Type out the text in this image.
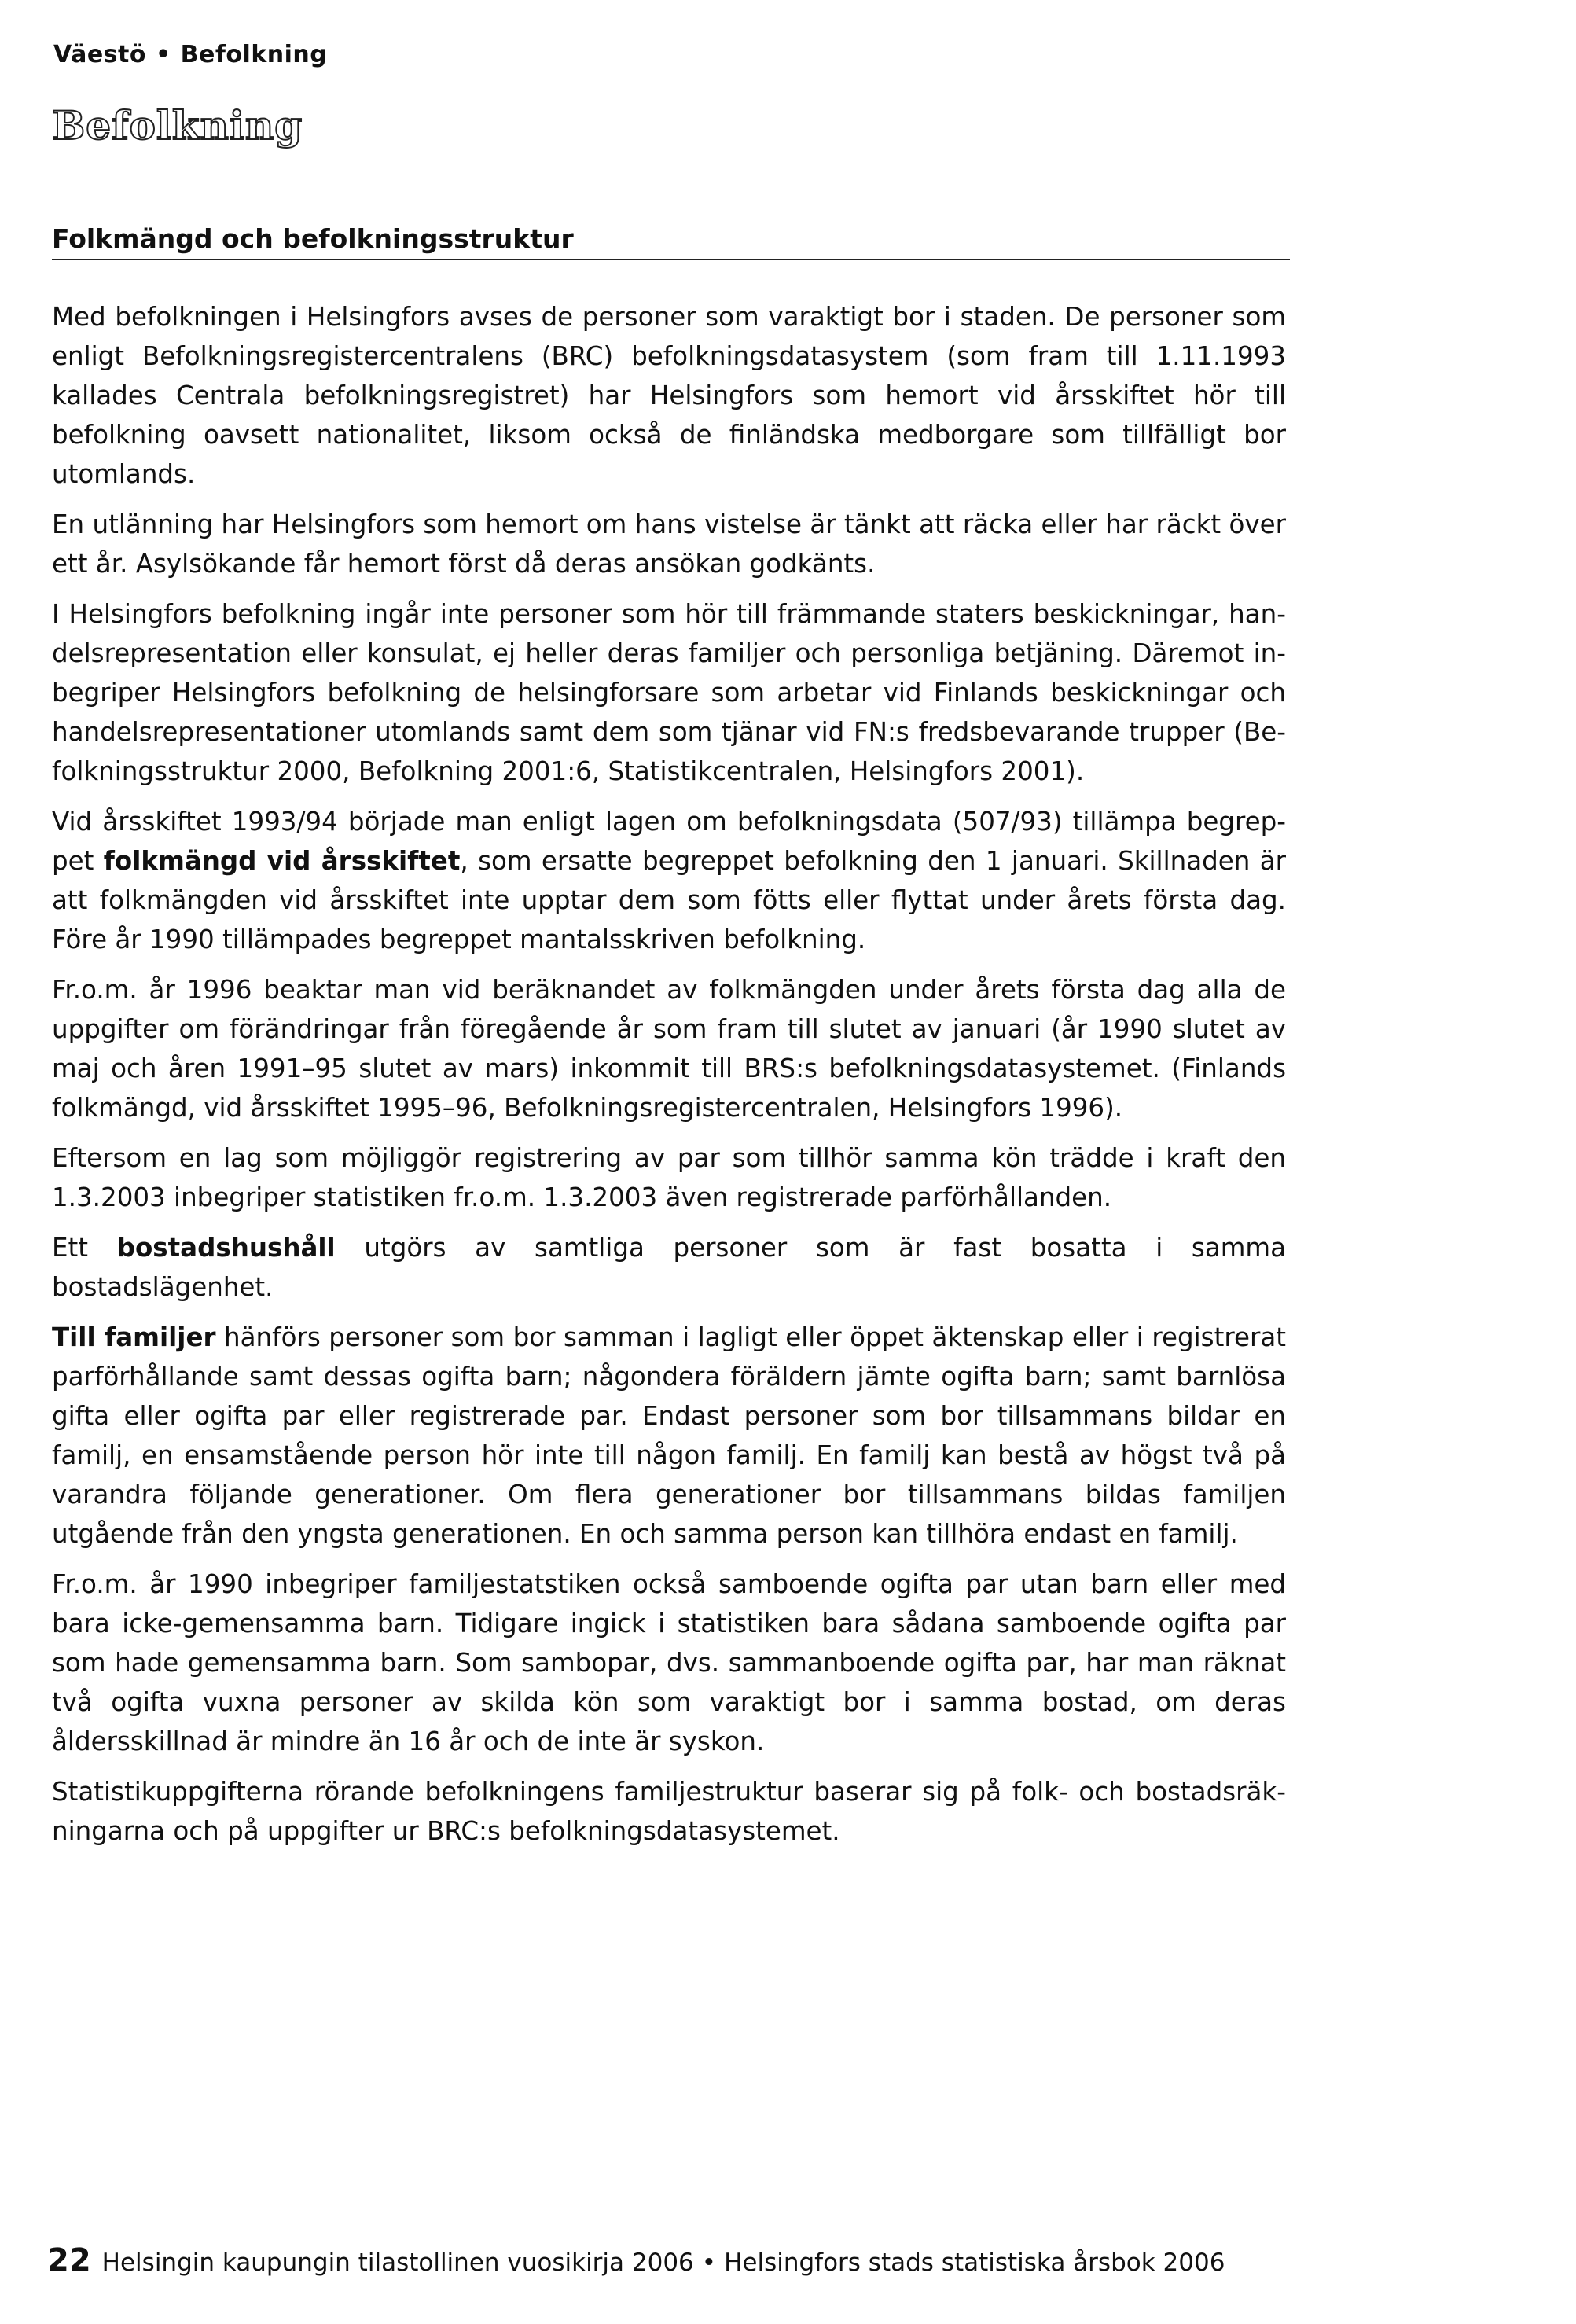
Väestö • Befolkning
Befolkning
Folkmängd och befolkningsstruktur

Med befolkningen i Helsingfors avses de personer som varaktigt bor i staden. De personer som enligt Befolkningsregistercentralens (BRC) befolkningsdatasystem (som fram till 1.11.1993 kallades Centrala befolkningsregistret) har Helsingfors som hemort vid årsskiftet hör till befolkning oavsett nationalitet, liksom också de finländska medborgare som tillfälligt bor utomlands.

En utlänning har Helsingfors som hemort om hans vistelse är tänkt att räcka eller har räckt över ett år. Asylsökande får hemort först då deras ansökan godkänts.

I Helsingfors befolkning ingår inte personer som hör till främmande staters beskickningar, handelsrepresentation eller konsulat, ej heller deras familjer och personliga betjäning. Däremot inbegriper Helsingfors befolkning de helsingforsare som arbetar vid Finlands beskickningar och handelsrepresentationer utomlands samt dem som tjänar vid FN:s fredsbevarande trupper (Befolkningsstruktur 2000, Befolkning 2001:6, Statistikcentralen, Helsingfors 2001).

Vid årsskiftet 1993/94 började man enligt lagen om befolkningsdata (507/93) tillämpa begreppet folkmängd vid årsskiftet, som ersatte begreppet befolkning den 1 januari. Skillnaden är att folkmängden vid årsskiftet inte upptar dem som fötts eller flyttat under årets första dag. Före år 1990 tillämpades begreppet mantalsskriven befolkning.

Fr.o.m. år 1996 beaktar man vid beräknandet av folkmängden under årets första dag alla de uppgifter om förändringar från föregående år som fram till slutet av januari (år 1990 slutet av maj och åren 1991–95 slutet av mars) inkommit till BRS:s befolkningsdatasystemet. (Finlands folkmängd, vid årsskiftet 1995–96, Befolkningsregistercentralen, Helsingfors 1996).

Eftersom en lag som möjliggör registrering av par som tillhör samma kön trädde i kraft den 1.3.2003 inbegriper statistiken fr.o.m. 1.3.2003 även registrerade parförhållanden.

Ett bostadshushåll utgörs av samtliga personer som är fast bosatta i samma bostadslägenhet.

Till familjer hänförs personer som bor samman i lagligt eller öppet äktenskap eller i registrerat parförhållande samt dessas ogifta barn; någondera föräldern jämte ogifta barn; samt barnlösa gifta eller ogifta par eller registrerade par. Endast personer som bor tillsammans bildar en familj, en ensamstående person hör inte till någon familj. En familj kan bestå av högst två på varandra följande generationer. Om flera generationer bor tillsammans bildas familjen utgående från den yngsta generationen. En och samma person kan tillhöra endast en familj.

Fr.o.m. år 1990 inbegriper familjestatstiken också samboende ogifta par utan barn eller med bara icke-gemensamma barn. Tidigare ingick i statistiken bara sådana samboende ogifta par som hade gemensamma barn. Som sambopar, dvs. sammanboende ogifta par, har man räknat två ogifta vuxna personer av skilda kön som varaktigt bor i samma bostad, om deras åldersskillnad är mindre än 16 år och de inte är syskon.

Statistikuppgifterna rörande befolkningens familjestruktur baserar sig på folk- och bostadsräkningarna och på uppgifter ur BRC:s befolkningsdatasystemet.

22 Helsingin kaupungin tilastollinen vuosikirja 2006 • Helsingfors stads statistiska årsbok 2006
